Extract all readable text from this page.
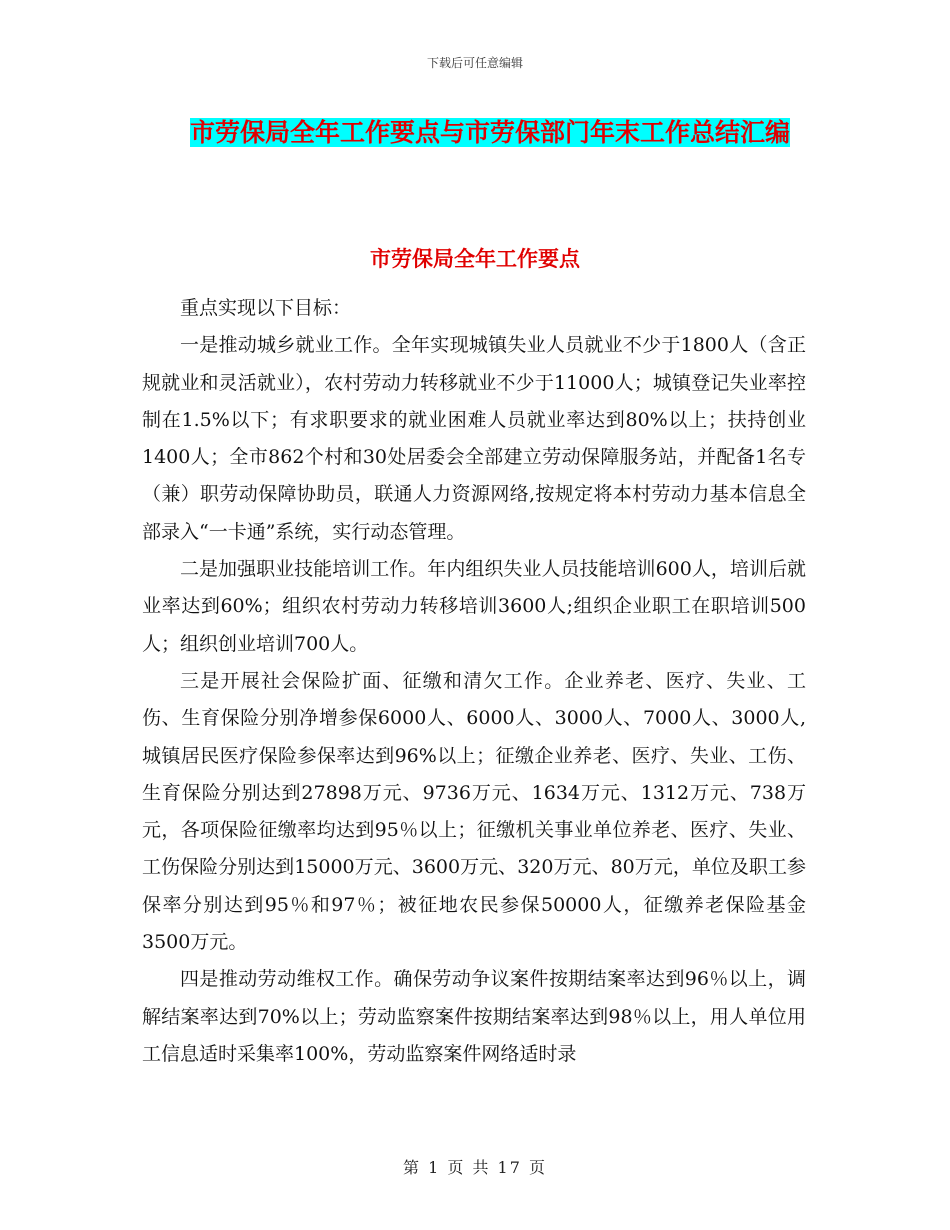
下载后可任意编辑
市劳保局全年工作要点与市劳保部门年末工作总结汇编
市劳保局全年工作要点

重点实现以下目标：

一是推动城乡就业工作。全年实现城镇失业人员就业不少于1800人（含正规就业和灵活就业），农村劳动力转移就业不少于11000人；城镇登记失业率控制在1.5%以下；有求职要求的就业困难人员就业率达到80%以上；扶持创业1400人；全市862个村和30处居委会全部建立劳动保障服务站，并配备1名专（兼）职劳动保障协助员，联通人力资源网络,按规定将本村劳动力基本信息全部录入“一卡通”系统，实行动态管理。

二是加强职业技能培训工作。年内组织失业人员技能培训600人，培训后就业率达到60%；组织农村劳动力转移培训3600人;组织企业职工在职培训500人；组织创业培训700人。

三是开展社会保险扩面、征缴和清欠工作。企业养老、医疗、失业、工伤、生育保险分别净增参保6000人、6000人、3000人、7000人、3000人,城镇居民医疗保险参保率达到96%以上；征缴企业养老、医疗、失业、工伤、生育保险分别达到27898万元、9736万元、1634万元、1312万元、738万元，各项保险征缴率均达到95％以上；征缴机关事业单位养老、医疗、失业、工伤保险分别达到15000万元、3600万元、320万元、80万元，单位及职工参保率分别达到95％和97％；被征地农民参保50000人，征缴养老保险基金3500万元。

四是推动劳动维权工作。确保劳动争议案件按期结案率达到96％以上，调解结案率达到70%以上；劳动监察案件按期结案率达到98％以上，用人单位用工信息适时采集率100%，劳动监察案件网络适时录

第 1 页 共 17 页
